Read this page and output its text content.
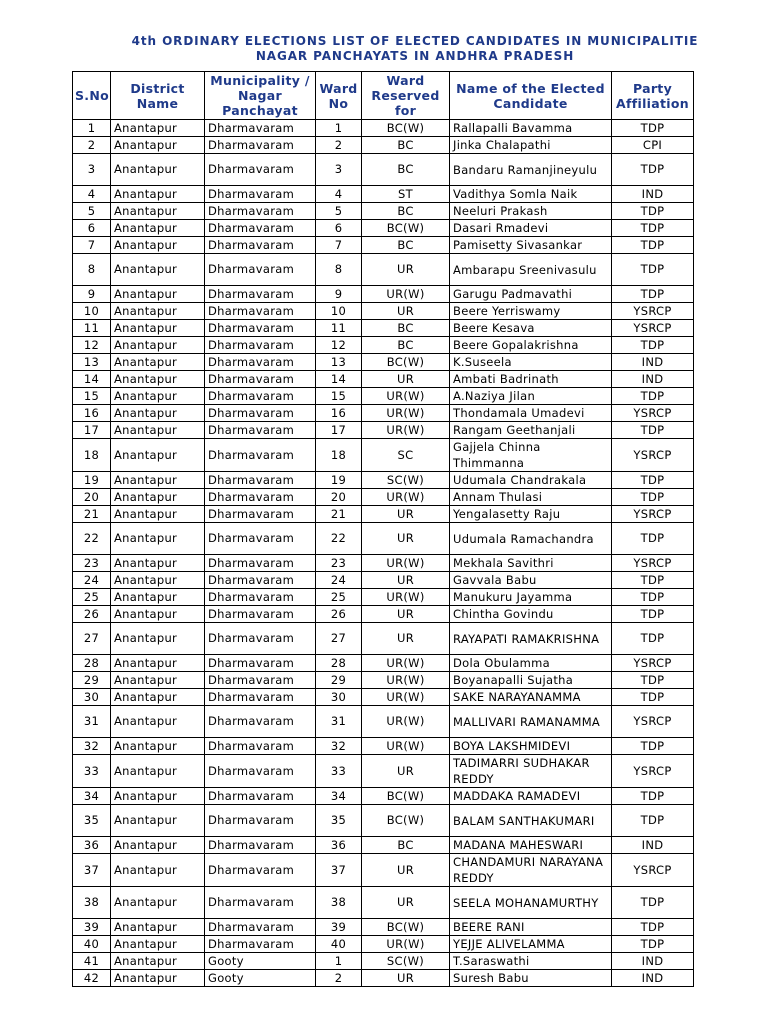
4th ORDINARY ELECTIONS LIST OF ELECTED CANDIDATES IN MUNICIPALITIE
NAGAR PANCHAYATS IN ANDHRA PRADESH
S.No	District Name	Municipality / Nagar Panchayat	Ward No	Ward Reserved for	Name of the Elected Candidate	Party Affiliation
1	Anantapur	Dharmavaram	1	BC(W)	Rallapalli Bavamma	TDP
2	Anantapur	Dharmavaram	2	BC	Jinka Chalapathi	CPI
3	Anantapur	Dharmavaram	3	BC	Bandaru Ramanjineyulu	TDP
4	Anantapur	Dharmavaram	4	ST	Vadithya Somla Naik	IND
5	Anantapur	Dharmavaram	5	BC	Neeluri Prakash	TDP
6	Anantapur	Dharmavaram	6	BC(W)	Dasari Rmadevi	TDP
7	Anantapur	Dharmavaram	7	BC	Pamisetty Sivasankar	TDP
8	Anantapur	Dharmavaram	8	UR	Ambarapu Sreenivasulu	TDP
9	Anantapur	Dharmavaram	9	UR(W)	Garugu Padmavathi	TDP
10	Anantapur	Dharmavaram	10	UR	Beere Yerriswamy	YSRCP
11	Anantapur	Dharmavaram	11	BC	Beere Kesava	YSRCP
12	Anantapur	Dharmavaram	12	BC	Beere Gopalakrishna	TDP
13	Anantapur	Dharmavaram	13	BC(W)	K.Suseela	IND
14	Anantapur	Dharmavaram	14	UR	Ambati Badrinath	IND
15	Anantapur	Dharmavaram	15	UR(W)	A.Naziya Jilan	TDP
16	Anantapur	Dharmavaram	16	UR(W)	Thondamala Umadevi	YSRCP
17	Anantapur	Dharmavaram	17	UR(W)	Rangam Geethanjali	TDP
18	Anantapur	Dharmavaram	18	SC	Gajjela Chinna Thimmanna	YSRCP
19	Anantapur	Dharmavaram	19	SC(W)	Udumala Chandrakala	TDP
20	Anantapur	Dharmavaram	20	UR(W)	Annam Thulasi	TDP
21	Anantapur	Dharmavaram	21	UR	Yengalasetty Raju	YSRCP
22	Anantapur	Dharmavaram	22	UR	Udumala Ramachandra	TDP
23	Anantapur	Dharmavaram	23	UR(W)	Mekhala Savithri	YSRCP
24	Anantapur	Dharmavaram	24	UR	Gavvala Babu	TDP
25	Anantapur	Dharmavaram	25	UR(W)	Manukuru Jayamma	TDP
26	Anantapur	Dharmavaram	26	UR	Chintha Govindu	TDP
27	Anantapur	Dharmavaram	27	UR	RAYAPATI RAMAKRISHNA	TDP
28	Anantapur	Dharmavaram	28	UR(W)	Dola Obulamma	YSRCP
29	Anantapur	Dharmavaram	29	UR(W)	Boyanapalli Sujatha	TDP
30	Anantapur	Dharmavaram	30	UR(W)	SAKE NARAYANAMMA	TDP
31	Anantapur	Dharmavaram	31	UR(W)	MALLIVARI RAMANAMMA	YSRCP
32	Anantapur	Dharmavaram	32	UR(W)	BOYA LAKSHMIDEVI	TDP
33	Anantapur	Dharmavaram	33	UR	TADIMARRI SUDHAKAR REDDY	YSRCP
34	Anantapur	Dharmavaram	34	BC(W)	MADDAKA RAMADEVI	TDP
35	Anantapur	Dharmavaram	35	BC(W)	BALAM SANTHAKUMARI	TDP
36	Anantapur	Dharmavaram	36	BC	MADANA MAHESWARI	IND
37	Anantapur	Dharmavaram	37	UR	CHANDAMURI NARAYANA REDDY	YSRCP
38	Anantapur	Dharmavaram	38	UR	SEELA MOHANAMURTHY	TDP
39	Anantapur	Dharmavaram	39	BC(W)	BEERE RANI	TDP
40	Anantapur	Dharmavaram	40	UR(W)	YEJJE ALIVELAMMA	TDP
41	Anantapur	Gooty	1	SC(W)	T.Saraswathi	IND
42	Anantapur	Gooty	2	UR	Suresh Babu	IND
